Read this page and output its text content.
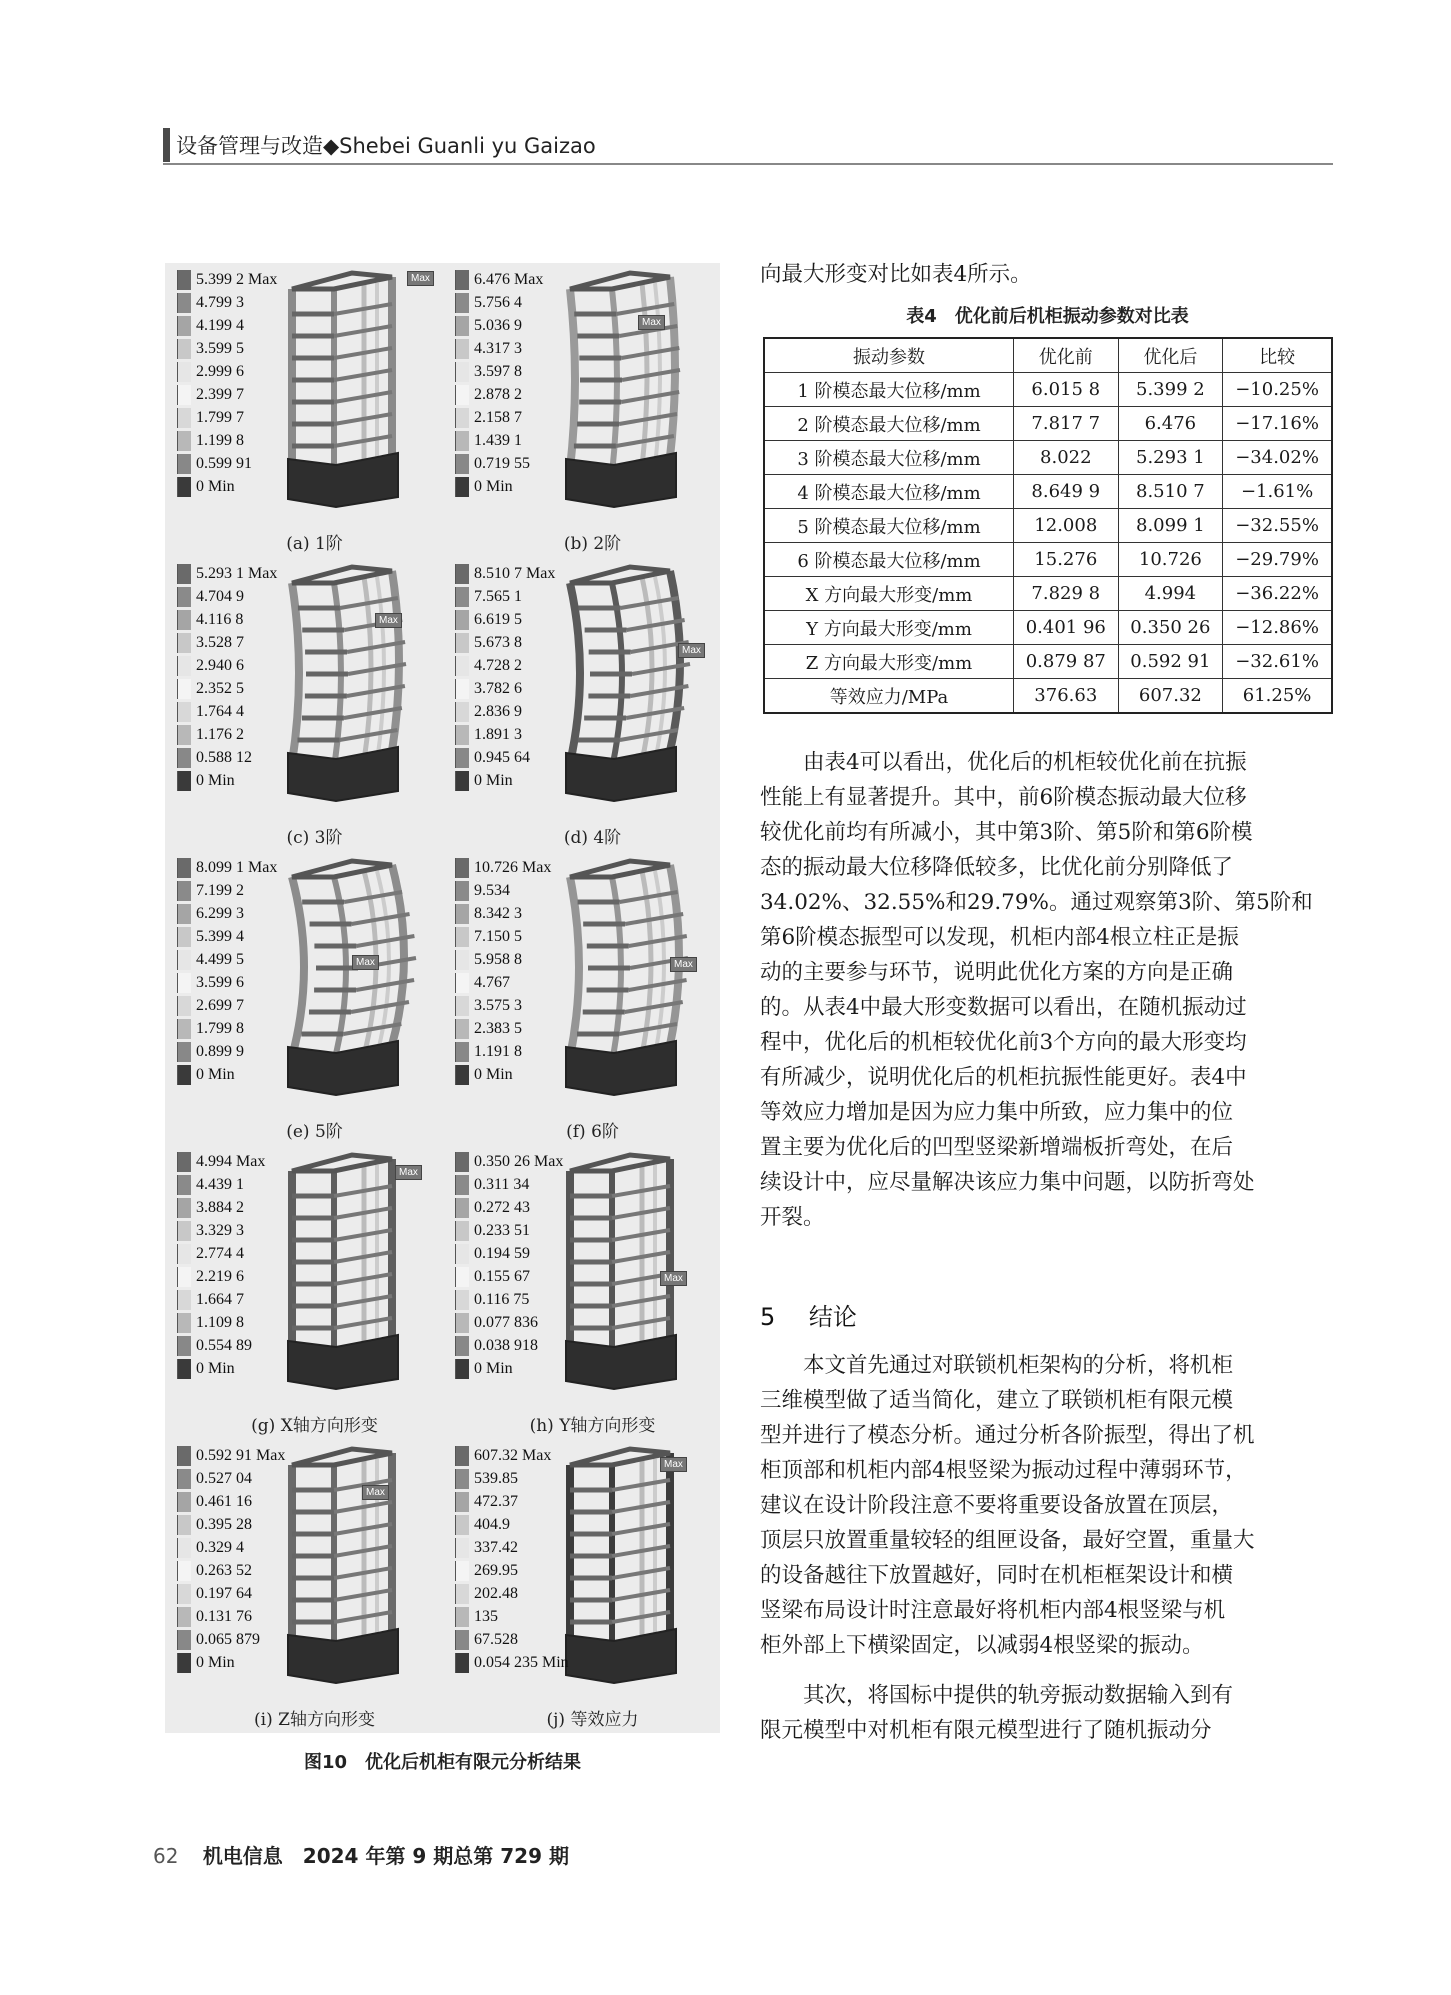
设备管理与改造◆Shebei Guanli yu Gaizao
Max
5.399 2 Max
4.799 3
4.199 4
3.599 5
2.999 6
2.399 7
1.799 7
1.199 8
0.599 91
0 Min
(a) 1阶
Max
6.476 Max
5.756 4
5.036 9
4.317 3
3.597 8
2.878 2
2.158 7
1.439 1
0.719 55
0 Min
(b) 2阶
Max
5.293 1 Max
4.704 9
4.116 8
3.528 7
2.940 6
2.352 5
1.764 4
1.176 2
0.588 12
0 Min
(c) 3阶
Max
8.510 7 Max
7.565 1
6.619 5
5.673 8
4.728 2
3.782 6
2.836 9
1.891 3
0.945 64
0 Min
(d) 4阶
Max
8.099 1 Max
7.199 2
6.299 3
5.399 4
4.499 5
3.599 6
2.699 7
1.799 8
0.899 9
0 Min
(e) 5阶
Max
10.726 Max
9.534
8.342 3
7.150 5
5.958 8
4.767
3.575 3
2.383 5
1.191 8
0 Min
(f) 6阶
Max
4.994 Max
4.439 1
3.884 2
3.329 3
2.774 4
2.219 6
1.664 7
1.109 8
0.554 89
0 Min
(g) X轴方向形变
Max
0.350 26 Max
0.311 34
0.272 43
0.233 51
0.194 59
0.155 67
0.116 75
0.077 836
0.038 918
0 Min
(h) Y轴方向形变
Max
0.592 91 Max
0.527 04
0.461 16
0.395 28
0.329 4
0.263 52
0.197 64
0.131 76
0.065 879
0 Min
(i) Z轴方向形变
Max
607.32 Max
539.85
472.37
404.9
337.42
269.95
202.48
135
67.528
0.054 235 Min
(j) 等效应力
图10　优化后机柜有限元分析结果
向最大形变对比如表4所示。
表4　优化前后机柜振动参数对比表
振动参数	优化前	优化后	比较
1 阶模态最大位移/mm	6.015 8	5.399 2	−10.25%
2 阶模态最大位移/mm	7.817 7	6.476	−17.16%
3 阶模态最大位移/mm	8.022	5.293 1	−34.02%
4 阶模态最大位移/mm	8.649 9	8.510 7	−1.61%
5 阶模态最大位移/mm	12.008	8.099 1	−32.55%
6 阶模态最大位移/mm	15.276	10.726	−29.79%
X 方向最大形变/mm	7.829 8	4.994	−36.22%
Y 方向最大形变/mm	0.401 96	0.350 26	−12.86%
Z 方向最大形变/mm	0.879 87	0.592 91	−32.61%
等效应力/MPa	376.63	607.32	61.25%
　　由表4可以看出，优化后的机柜较优化前在抗振
性能上有显著提升。其中，前6阶模态振动最大位移
较优化前均有所减小，其中第3阶、第5阶和第6阶模
态的振动最大位移降低较多，比优化前分别降低了
34.02%、32.55%和29.79%。通过观察第3阶、第5阶和
第6阶模态振型可以发现，机柜内部4根立柱正是振
动的主要参与环节，说明此优化方案的方向是正确
的。从表4中最大形变数据可以看出，在随机振动过
程中，优化后的机柜较优化前3个方向的最大形变均
有所减少，说明优化后的机柜抗振性能更好。表4中
等效应力增加是因为应力集中所致，应力集中的位
置主要为优化后的凹型竖梁新增端板折弯处，在后
续设计中，应尽量解决该应力集中问题，以防折弯处
开裂。
5 结论
　　本文首先通过对联锁机柜架构的分析，将机柜
三维模型做了适当简化，建立了联锁机柜有限元模
型并进行了模态分析。通过分析各阶振型，得出了机
柜顶部和机柜内部4根竖梁为振动过程中薄弱环节，
建议在设计阶段注意不要将重要设备放置在顶层，
顶层只放置重量较轻的组匣设备，最好空置，重量大
的设备越往下放置越好，同时在机柜框架设计和横
竖梁布局设计时注意最好将机柜内部4根竖梁与机
柜外部上下横梁固定，以减弱4根竖梁的振动。
　　其次，将国标中提供的轨旁振动数据输入到有
限元模型中对机柜有限元模型进行了随机振动分
62 机电信息　2024 年第 9 期总第 729 期
